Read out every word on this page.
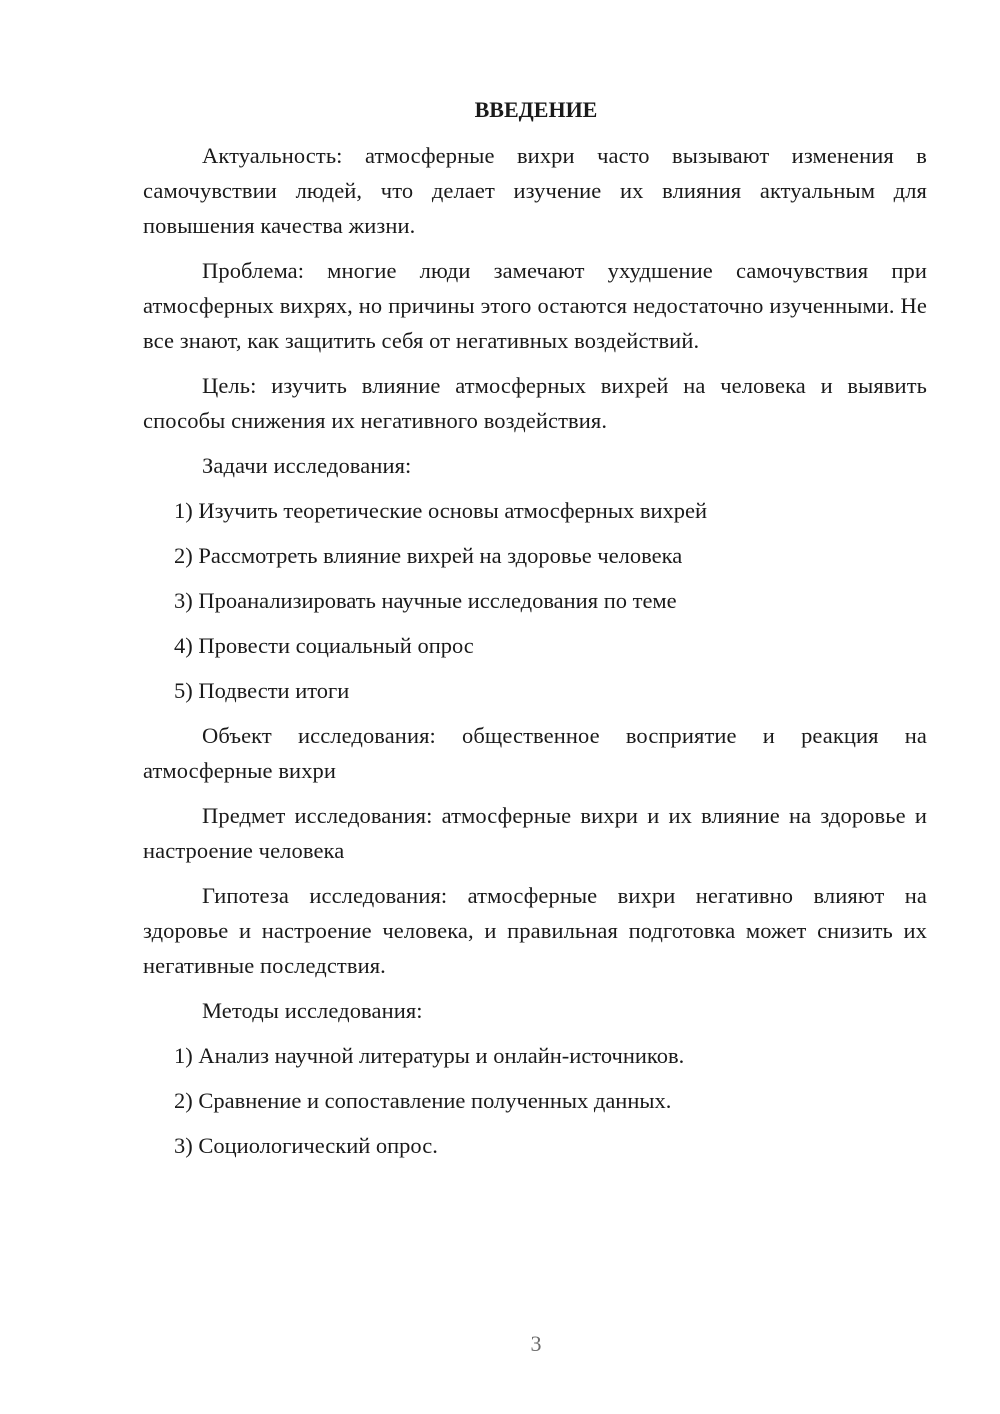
ВВЕДЕНИЕ

Актуальность: атмосферные вихри часто вызывают изменения в самочувствии людей, что делает изучение их влияния актуальным для повышения качества жизни.

Проблема: многие люди замечают ухудшение самочувствия при атмосферных вихрях, но причины этого остаются недостаточно изученными. Не все знают, как защитить себя от негативных воздействий.

Цель: изучить влияние атмосферных вихрей на человека и выявить способы снижения их негативного воздействия.

Задачи исследования:

1) Изучить теоретические основы атмосферных вихрей
2) Рассмотреть влияние вихрей на здоровье человека
3) Проанализировать научные исследования по теме
4) Провести социальный опрос
5) Подвести итоги

Объект исследования: общественное восприятие и реакция на атмосферные вихри

Предмет исследования: атмосферные вихри и их влияние на здоровье и настроение человека

Гипотеза исследования: атмосферные вихри негативно влияют на здоровье и настроение человека, и правильная подготовка может снизить их негативные последствия.

Методы исследования:

1) Анализ научной литературы и онлайн-источников.
2) Сравнение и сопоставление полученных данных.
3) Социологический опрос.
3
